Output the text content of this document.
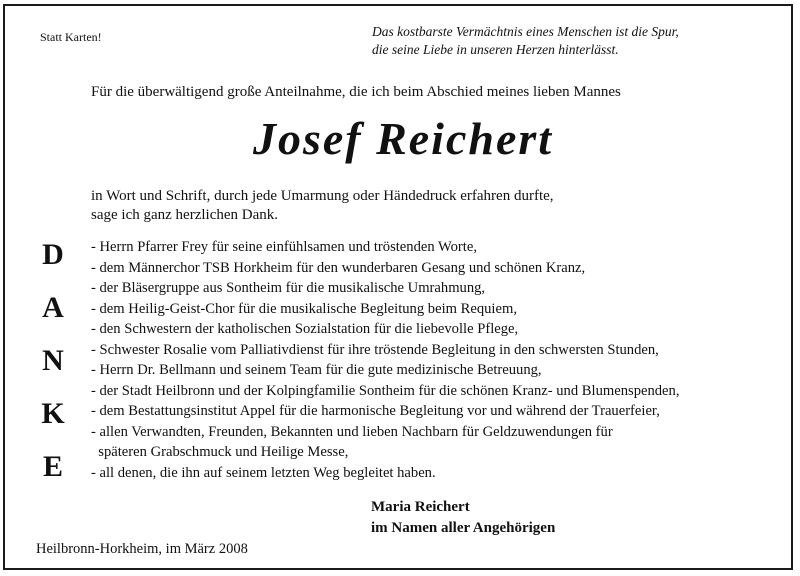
Statt Karten!	Das kostbarste Vermächtnis eines Menschen ist die Spur,
die seine Liebe in unseren Herzen hinterlässt.
Für die überwältigend große Anteilnahme, die ich beim Abschied meines lieben Mannes
Josef Reichert
in Wort und Schrift, durch jede Umarmung oder Händedruck erfahren durfte,
sage ich ganz herzlichen Dank.
D
A
N
K
E
- Herrn Pfarrer Frey für seine einfühlsamen und tröstenden Worte,
- dem Männerchor TSB Horkheim für den wunderbaren Gesang und schönen Kranz,
- der Bläsergruppe aus Sontheim für die musikalische Umrahmung,
- dem Heilig-Geist-Chor für die musikalische Begleitung beim Requiem,
- den Schwestern der katholischen Sozialstation für die liebevolle Pflege,
- Schwester Rosalie vom Palliativdienst für ihre tröstende Begleitung in den schwersten Stunden,
- Herrn Dr. Bellmann und seinem Team für die gute medizinische Betreuung,
- der Stadt Heilbronn und der Kolpingfamilie Sontheim für die schönen Kranz- und Blumenspenden,
- dem Bestattungsinstitut Appel für die harmonische Begleitung vor und während der Trauerfeier,
- allen Verwandten, Freunden, Bekannten und lieben Nachbarn für Geldzuwendungen für
späteren Grabschmuck und Heilige Messe,
- all denen, die ihn auf seinem letzten Weg begleitet haben.
Maria Reichert
im Namen aller Angehörigen
Heilbronn-Horkheim, im März 2008
